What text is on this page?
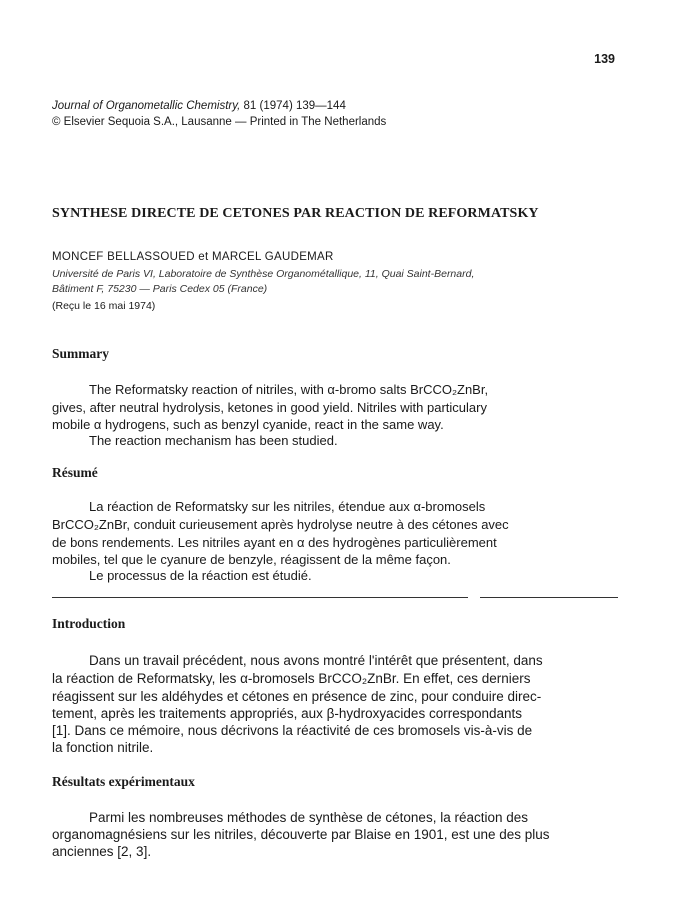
139
Journal of Organometallic Chemistry, 81 (1974) 139—144
© Elsevier Sequoia S.A., Lausanne — Printed in The Netherlands
SYNTHESE DIRECTE DE CETONES PAR REACTION DE REFORMATSKY
MONCEF BELLASSOUED et MARCEL GAUDEMAR
Université de Paris VI, Laboratoire de Synthèse Organométallique, 11, Quai Saint-Bernard,
Bâtiment F, 75230 — Paris Cedex 05 (France)
(Reçu le 16 mai 1974)
Summary
The Reformatsky reaction of nitriles, with α-bromo salts BrCCO₂ZnBr,
gives, after neutral hydrolysis, ketones in good yield. Nitriles with particulary
mobile α hydrogens, such as benzyl cyanide, react in the same way.
The reaction mechanism has been studied.
Résumé
La réaction de Reformatsky sur les nitriles, étendue aux α-bromosels
BrCCO₂ZnBr, conduit curieusement après hydrolyse neutre à des cétones avec
de bons rendements. Les nitriles ayant en α des hydrogènes particulièrement
mobiles, tel que le cyanure de benzyle, réagissent de la même façon.
Le processus de la réaction est étudié.
Introduction
Dans un travail précédent, nous avons montré l'intérêt que présentent, dans
la réaction de Reformatsky, les α-bromosels BrCCO₂ZnBr. En effet, ces derniers
réagissent sur les aldéhydes et cétones en présence de zinc, pour conduire direc-
tement, après les traitements appropriés, aux β-hydroxyacides correspondants
[1]. Dans ce mémoire, nous décrivons la réactivité de ces bromosels vis-à-vis de
la fonction nitrile.
Résultats expérimentaux
Parmi les nombreuses méthodes de synthèse de cétones, la réaction des
organomagnésiens sur les nitriles, découverte par Blaise en 1901, est une des plus
anciennes [2, 3].
